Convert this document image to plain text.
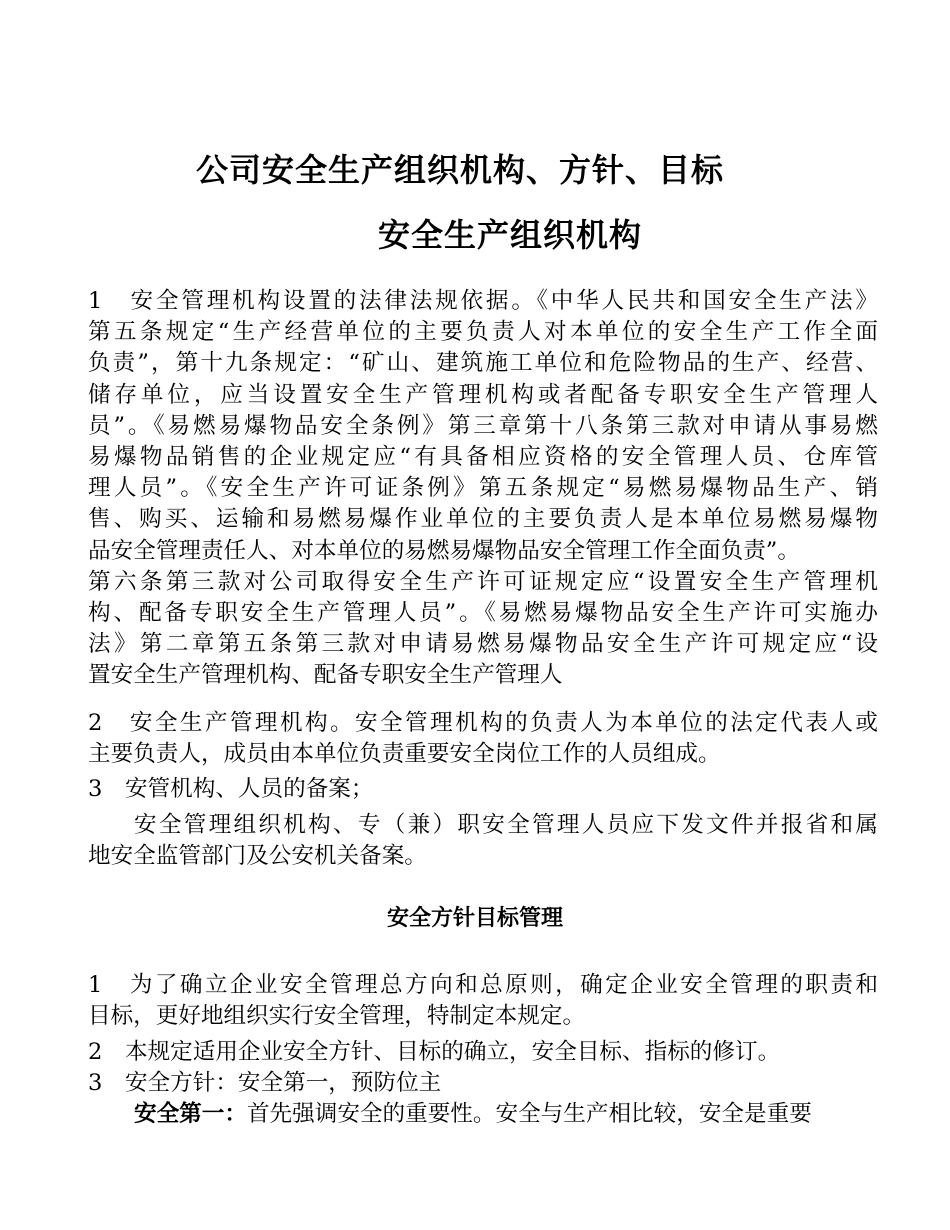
公司安全生产组织机构、方针、目标
安全生产组织机构
1　安全管理机构设置的法律法规依据。《中华人民共和国安全生产法》
第五条规定“生产经营单位的主要负责人对本单位的安全生产工作全面
负责”，第十九条规定：“矿山、建筑施工单位和危险物品的生产、经营、
储存单位，应当设置安全生产管理机构或者配备专职安全生产管理人
员”。《易燃易爆物品安全条例》第三章第十八条第三款对申请从事易燃
易爆物品销售的企业规定应“有具备相应资格的安全管理人员、仓库管
理人员”。《安全生产许可证条例》第五条规定“易燃易爆物品生产、销
售、购买、运输和易燃易爆作业单位的主要负责人是本单位易燃易爆物
品安全管理责任人、对本单位的易燃易爆物品安全管理工作全面负责”。
第六条第三款对公司取得安全生产许可证规定应“设置安全生产管理机
构、配备专职安全生产管理人员”。《易燃易爆物品安全生产许可实施办
法》第二章第五条第三款对申请易燃易爆物品安全生产许可规定应“设
置安全生产管理机构、配备专职安全生产管理人
2　安全生产管理机构。安全管理机构的负责人为本单位的法定代表人或
主要负责人，成员由本单位负责重要安全岗位工作的人员组成。
3　安管机构、人员的备案；
安全管理组织机构、专（兼）职安全管理人员应下发文件并报省和属
地安全监管部门及公安机关备案。
安全方针目标管理
1　为了确立企业安全管理总方向和总原则，确定企业安全管理的职责和
目标，更好地组织实行安全管理，特制定本规定。
2　本规定适用企业安全方针、目标的确立，安全目标、指标的修订。
3　安全方针：安全第一，预防位主
安全第一：首先强调安全的重要性。安全与生产相比较，安全是重要
